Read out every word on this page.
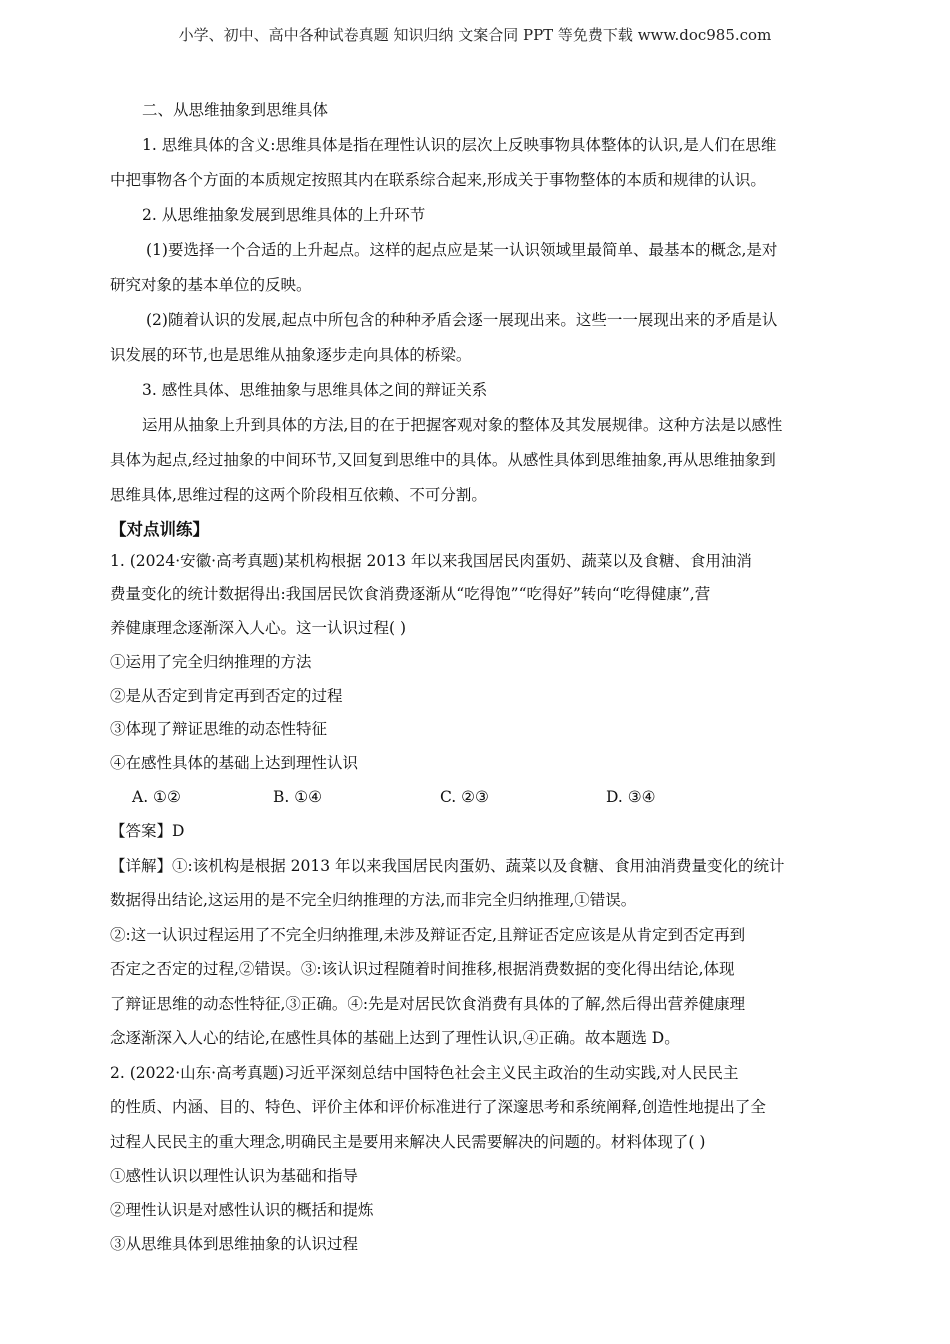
小学、初中、高中各种试卷真题 知识归纳 文案合同 PPT 等免费下载 www.doc985.com
二、从思维抽象到思维具体
1. 思维具体的含义:思维具体是指在理性认识的层次上反映事物具体整体的认识,是人们在思维
中把事物各个方面的本质规定按照其内在联系综合起来,形成关于事物整体的本质和规律的认识。
2. 从思维抽象发展到思维具体的上升环节
(1)要选择一个合适的上升起点。这样的起点应是某一认识领域里最简单、最基本的概念,是对
研究对象的基本单位的反映。
(2)随着认识的发展,起点中所包含的种种矛盾会逐一展现出来。这些一一展现出来的矛盾是认
识发展的环节,也是思维从抽象逐步走向具体的桥梁。
3. 感性具体、思维抽象与思维具体之间的辩证关系
运用从抽象上升到具体的方法,目的在于把握客观对象的整体及其发展规律。这种方法是以感性
具体为起点,经过抽象的中间环节,又回复到思维中的具体。从感性具体到思维抽象,再从思维抽象到
思维具体,思维过程的这两个阶段相互依赖、不可分割。
【对点训练】
1. (2024·安徽·高考真题)某机构根据 2013 年以来我国居民肉蛋奶、蔬菜以及食糖、食用油消
费量变化的统计数据得出:我国居民饮食消费逐渐从“吃得饱”“吃得好”转向“吃得健康”,营
养健康理念逐渐深入人心。这一认识过程( )
①运用了完全归纳推理的方法
②是从否定到肯定再到否定的过程
③体现了辩证思维的动态性特征
④在感性具体的基础上达到理性认识
A. ①②	B. ①④	C. ②③	D. ③④
【答案】D
【详解】①:该机构是根据 2013 年以来我国居民肉蛋奶、蔬菜以及食糖、食用油消费量变化的统计
数据得出结论,这运用的是不完全归纳推理的方法,而非完全归纳推理,①错误。
②:这一认识过程运用了不完全归纳推理,未涉及辩证否定,且辩证否定应该是从肯定到否定再到
否定之否定的过程,②错误。③:该认识过程随着时间推移,根据消费数据的变化得出结论,体现
了辩证思维的动态性特征,③正确。④:先是对居民饮食消费有具体的了解,然后得出营养健康理
念逐渐深入人心的结论,在感性具体的基础上达到了理性认识,④正确。故本题选 D。
2. (2022·山东·高考真题)习近平深刻总结中国特色社会主义民主政治的生动实践,对人民民主
的性质、内涵、目的、特色、评价主体和评价标准进行了深邃思考和系统阐释,创造性地提出了全
过程人民民主的重大理念,明确民主是要用来解决人民需要解决的问题的。材料体现了( )
①感性认识以理性认识为基础和指导
②理性认识是对感性认识的概括和提炼
③从思维具体到思维抽象的认识过程
